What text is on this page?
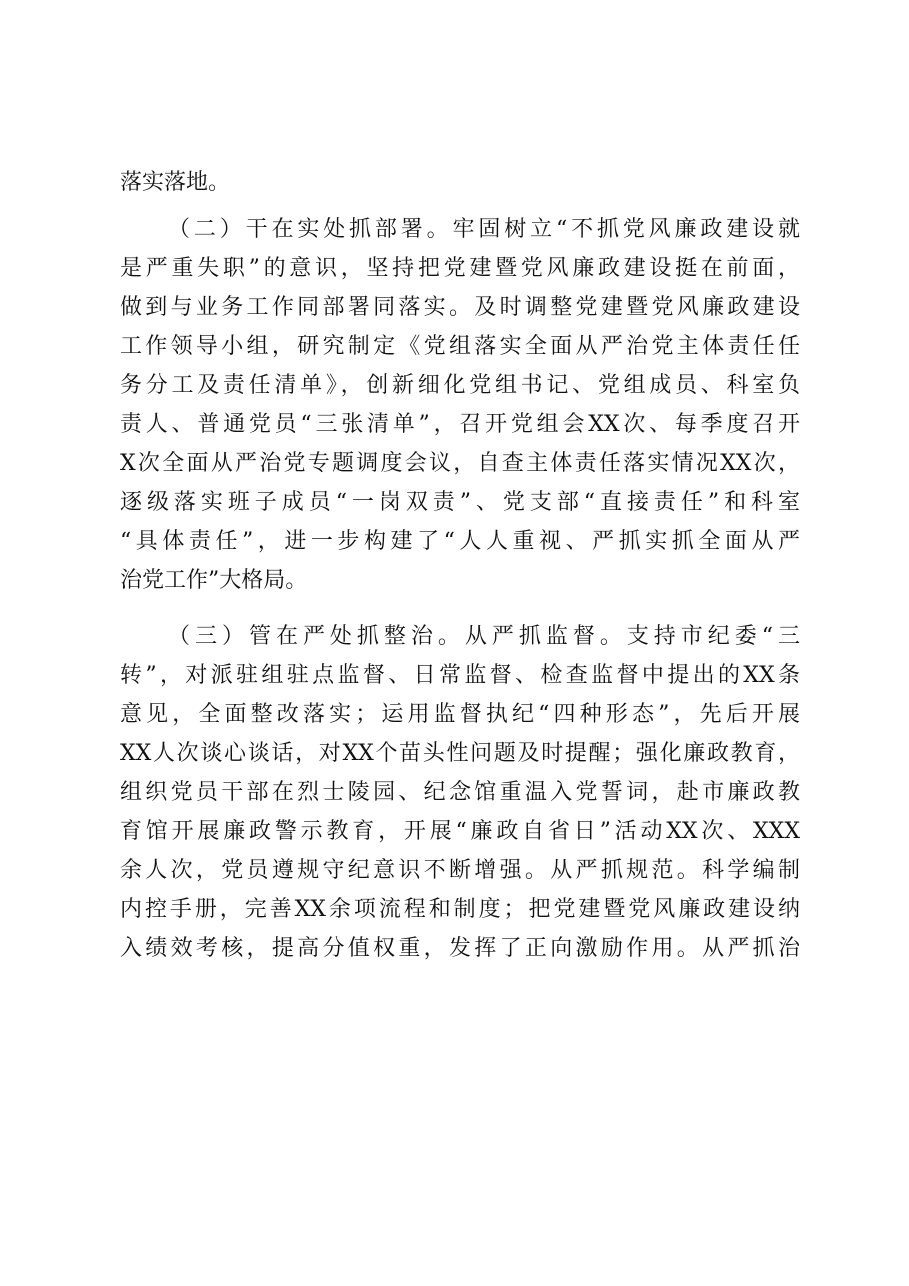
落实落地。
（二）干在实处抓部署。牢固树立“不抓党风廉政建设就
是严重失职”的意识，坚持把党建暨党风廉政建设挺在前面，
做到与业务工作同部署同落实。及时调整党建暨党风廉政建设
工作领导小组，研究制定《党组落实全面从严治党主体责任任
务分工及责任清单》，创新细化党组书记、党组成员、科室负
责人、普通党员“三张清单”，召开党组会XX次、每季度召开
X次全面从严治党专题调度会议，自查主体责任落实情况XX次，
逐级落实班子成员“一岗双责”、党支部“直接责任”和科室
“具体责任”，进一步构建了“人人重视、严抓实抓全面从严
治党工作”大格局。
（三）管在严处抓整治。从严抓监督。支持市纪委“三
转”，对派驻组驻点监督、日常监督、检查监督中提出的XX条
意见，全面整改落实；运用监督执纪“四种形态”，先后开展
XX人次谈心谈话，对XX个苗头性问题及时提醒；强化廉政教育，
组织党员干部在烈士陵园、纪念馆重温入党誓词，赴市廉政教
育馆开展廉政警示教育，开展“廉政自省日”活动XX次、XXX
余人次，党员遵规守纪意识不断增强。从严抓规范。科学编制
内控手册，完善XX余项流程和制度；把党建暨党风廉政建设纳
入绩效考核，提高分值权重，发挥了正向激励作用。从严抓治
